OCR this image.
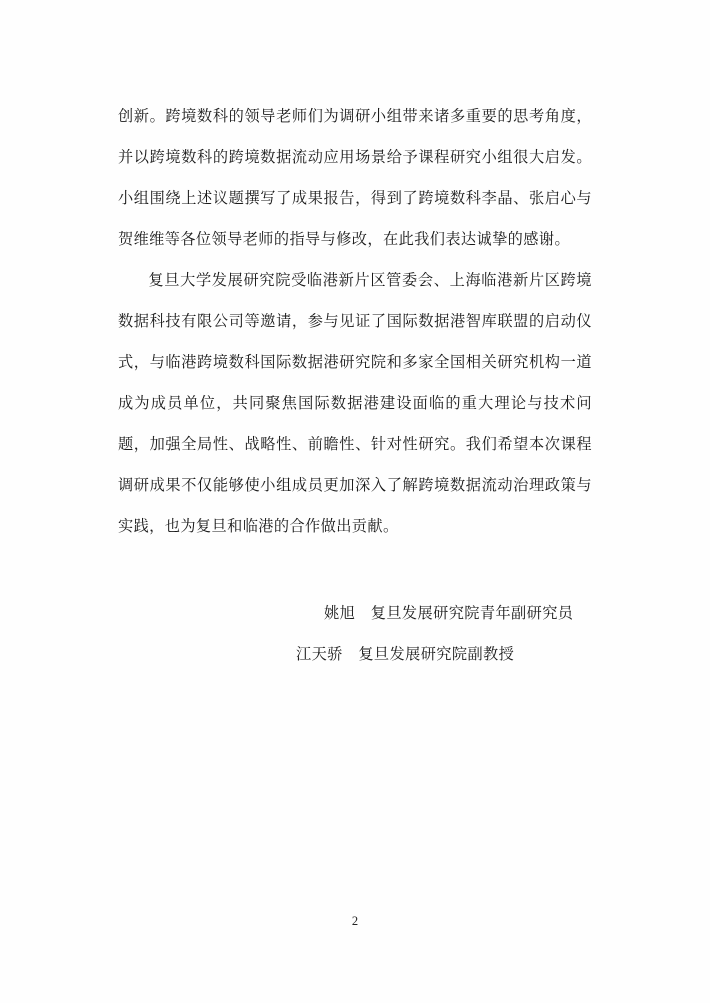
创新。跨境数科的领导老师们为调研小组带来诸多重要的思考角度，并以跨境数科的跨境数据流动应用场景给予课程研究小组很大启发。小组围绕上述议题撰写了成果报告，得到了跨境数科李晶、张启心与贺维维等各位领导老师的指导与修改，在此我们表达诚挚的感谢。

复旦大学发展研究院受临港新片区管委会、上海临港新片区跨境数据科技有限公司等邀请，参与见证了国际数据港智库联盟的启动仪式，与临港跨境数科国际数据港研究院和多家全国相关研究机构一道成为成员单位，共同聚焦国际数据港建设面临的重大理论与技术问题，加强全局性、战略性、前瞻性、针对性研究。我们希望本次课程调研成果不仅能够使小组成员更加深入了解跨境数据流动治理政策与实践，也为复旦和临港的合作做出贡献。

姚旭　复旦发展研究院青年副研究员
江天骄　复旦发展研究院副教授
2
